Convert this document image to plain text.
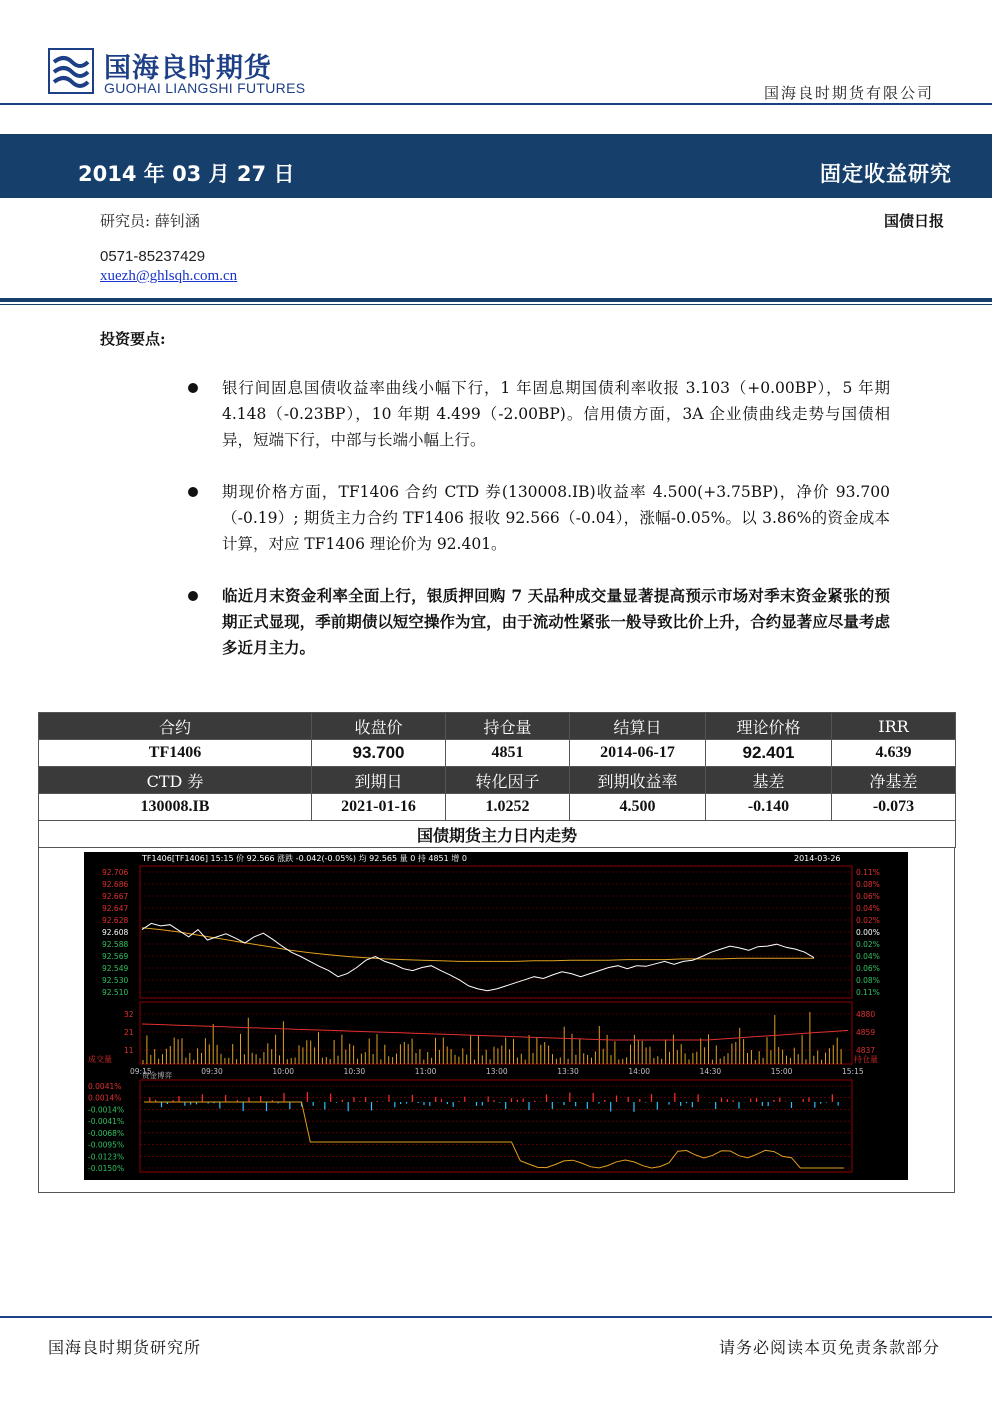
国海良时期货
GUOHAI LIANGSHI FUTURES	国海良时期货有限公司
2014 年 03 月 27 日	固定收益研究
研究员: 薛钊涵	国债日报
0571-85237429
xuezh@ghlsqh.com.cn
投资要点:
银行间固息国债收益率曲线小幅下行，1 年固息期国债利率收报 3.103（+0.00BP），5 年期 4.148（-0.23BP），10 年期 4.499（-2.00BP)。信用债方面，3A 企业债曲线走势与国债相异，短端下行，中部与长端小幅上行。
期现价格方面，TF1406 合约 CTD 券(130008.IB)收益率 4.500(+3.75BP)，净价 93.700（-0.19）; 期货主力合约 TF1406 报收 92.566（-0.04），涨幅-0.05%。以 3.86%的资金成本计算，对应 TF1406 理论价为 92.401。
临近月末资金利率全面上行，银质押回购 7 天品种成交量显著提高预示市场对季末资金紧张的预期正式显现，季前期债以短空操作为宜，由于流动性紧张一般导致比价上升，合约显著应尽量考虑多近月主力。
合约	收盘价	持仓量	结算日	理论价格	IRR
TF1406	93.700	4851	2014-06-17	92.401	4.639
CTD 券	到期日	转化因子	到期收益率	基差	净基差
130008.IB	2021-01-16	1.0252	4.500	-0.140	-0.073
国债期货主力日内走势					
TF1406[TF1406] 15:15 价 92.566 涨跌 -0.042(-0.05%) 均 92.565 量 0 持 4851 增 0	2014-03-26
92.706	0.11%
92.686	0.08%
92.667	0.06%
92.647	0.04%
92.628	0.02%
92.608	0.00%
92.588	0.02%
92.569	0.04%
92.549	0.06%
92.530	0.08%
92.510	0.11%
32	4880
21	4859
11	4837
成交量	持仓量
09:15	09:30	10:00	10:30	11:00	13:00	13:30	14:00	14:30	15:00	15:15
资金博弈
0.0041%
0.0014%
-0.0014%
-0.0041%
-0.0068%
-0.0095%
-0.0123%
-0.0150%
国海良时期货研究所	请务必阅读本页免责条款部分
